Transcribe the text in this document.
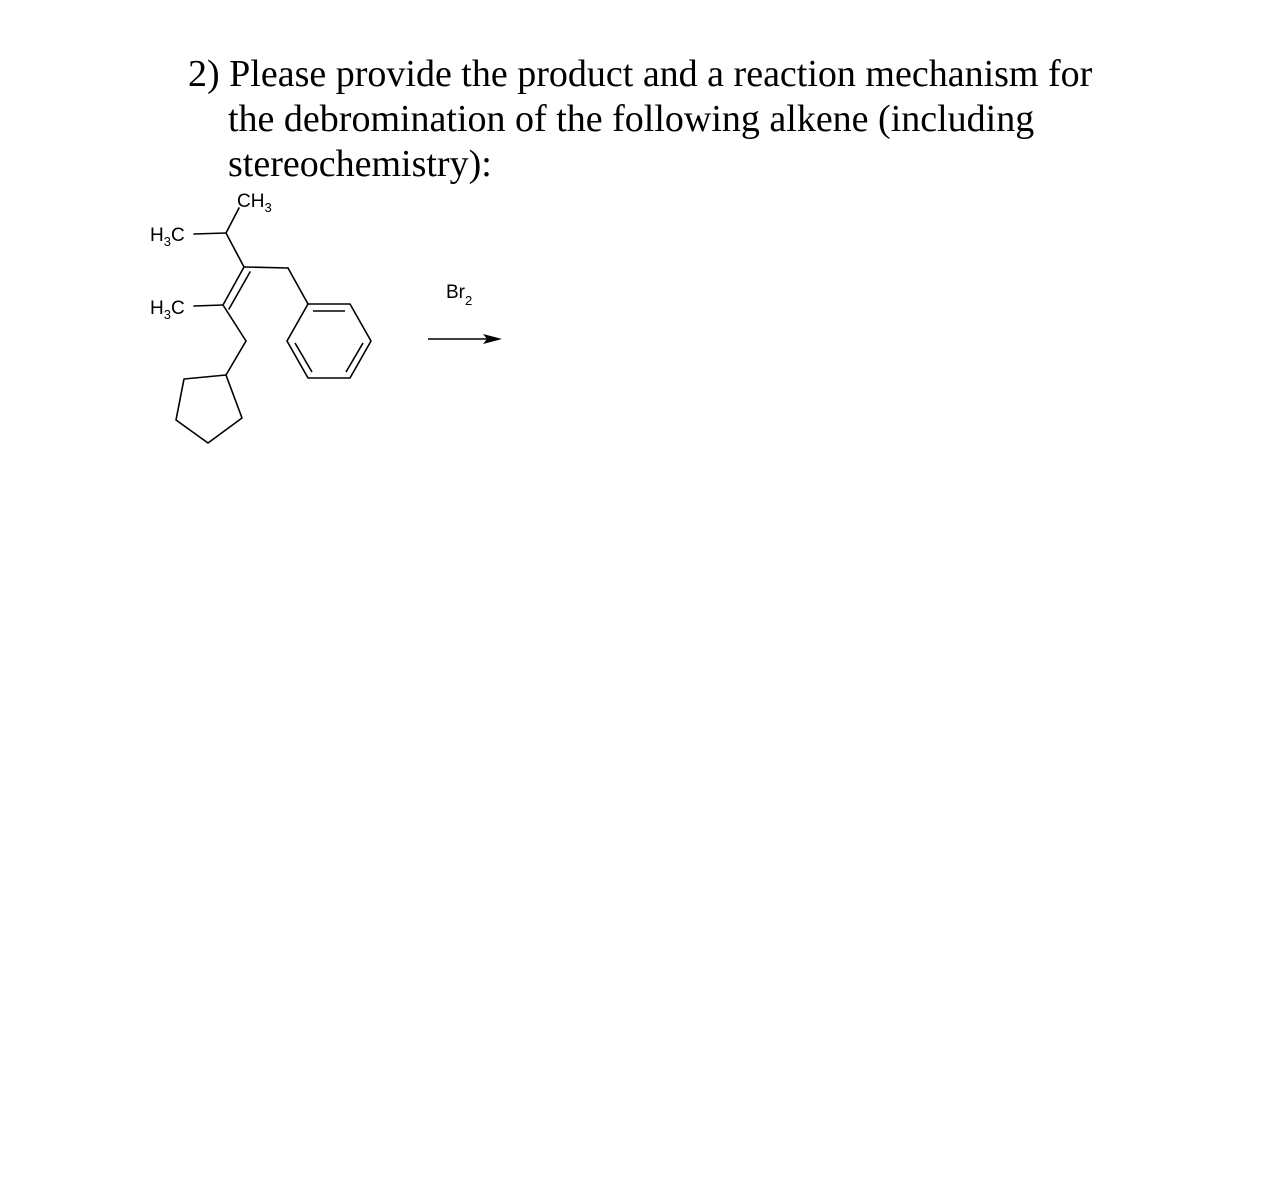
2) Please provide the product and a reaction mechanism for
the debromination of the following alkene (including
stereochemistry):
$CH_3$
$H_3C$
$H_3C$
$Br_2$
